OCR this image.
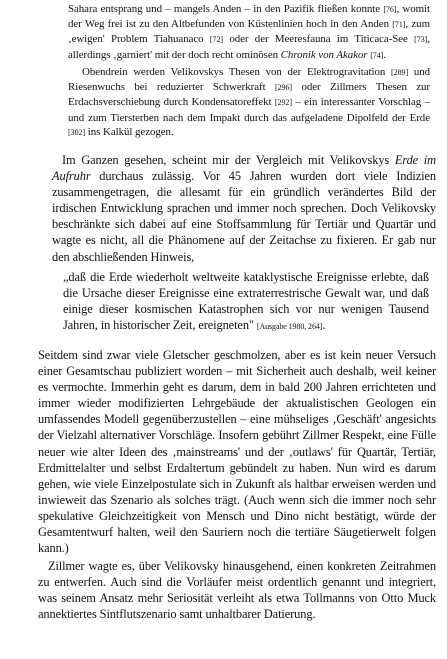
Sahara entsprang und – mangels Anden – in den Pazifik fließen konnte [76], womit der Weg frei ist zu den Altbefunden von Küstenlinien hoch in den Anden [71], zum ‚ewigen' Problem Tiahuanaco [72] oder der Meeresfauna im Titicaca-See [73], allerdings ‚garniert' mit der doch recht ominösen Chronik von Akakor [74].

Obendrein werden Velikovskys Thesen von der Elektrogravitation [289] und Riesenwuchs bei reduzierter Schwerkraft [296] oder Zillmers Thesen zur Erdachsverschiebung durch Kondensatoreffekt [292] – ein interessanter Vorschlag – und zum Tiersterben nach dem Impakt durch das aufgeladene Dipolfeld der Erde [302] ins Kalkül gezogen.

Im Ganzen gesehen, scheint mir der Vergleich mit Velikovskys Erde im Aufruhr durchaus zulässig. Vor 45 Jahren wurden dort viele Indizien zusammengetragen, die allesamt für ein gründlich verändertes Bild der irdischen Entwicklung sprachen und immer noch sprechen. Doch Velikovsky beschränkte sich dabei auf eine Stoffsammlung für Tertiär und Quartär und wagte es nicht, all die Phänomene auf der Zeitachse zu fixieren. Er gab nur den abschließenden Hinweis,

„daß die Erde wiederholt weltweite kataklystische Ereignisse erlebte, daß die Ursache dieser Ereignisse eine extraterrestrische Gewalt war, und daß einige dieser kosmischen Katastrophen sich vor nur wenigen Tausend Jahren, in historischer Zeit, ereigneten" [Ausgabe 1980, 264].

Seitdem sind zwar viele Gletscher geschmolzen, aber es ist kein neuer Versuch einer Gesamtschau publiziert worden – mit Sicherheit auch deshalb, weil keiner es vermochte. Immerhin geht es darum, dem in bald 200 Jahren errichteten und immer wieder modifizierten Lehrgebäude der aktualistischen Geologen ein umfassendes Modell gegenüberzustellen – eine mühseliges ‚Geschäft' angesichts der Vielzahl alternativer Vorschläge. Insofern gebührt Zillmer Respekt, eine Fülle neuer wie alter Ideen des ‚mainstreams' und der ‚outlaws' für Quartär, Tertiär, Erdmittelalter und selbst Erdaltertum gebündelt zu haben. Nun wird es darum gehen, wie viele Einzelpostulate sich in Zukunft als haltbar erweisen werden und inwieweit das Szenario als solches trägt. (Auch wenn sich die immer noch sehr spekulative Gleichzeitigkeit von Mensch und Dino nicht bestätigt, würde der Gesamtentwurf halten, weil den Sauriern noch die tertiäre Säugetierwelt folgen kann.)

Zillmer wagte es, über Velikovsky hinausgehend, einen konkreten Zeitrahmen zu entwerfen. Auch sind die Vorläufer meist ordentlich genannt und integriert, was seinem Ansatz mehr Seriosität verleiht als etwa Tollmanns von Otto Muck annektiertes Sintflutszenario samt unhaltbarer Datierung.
